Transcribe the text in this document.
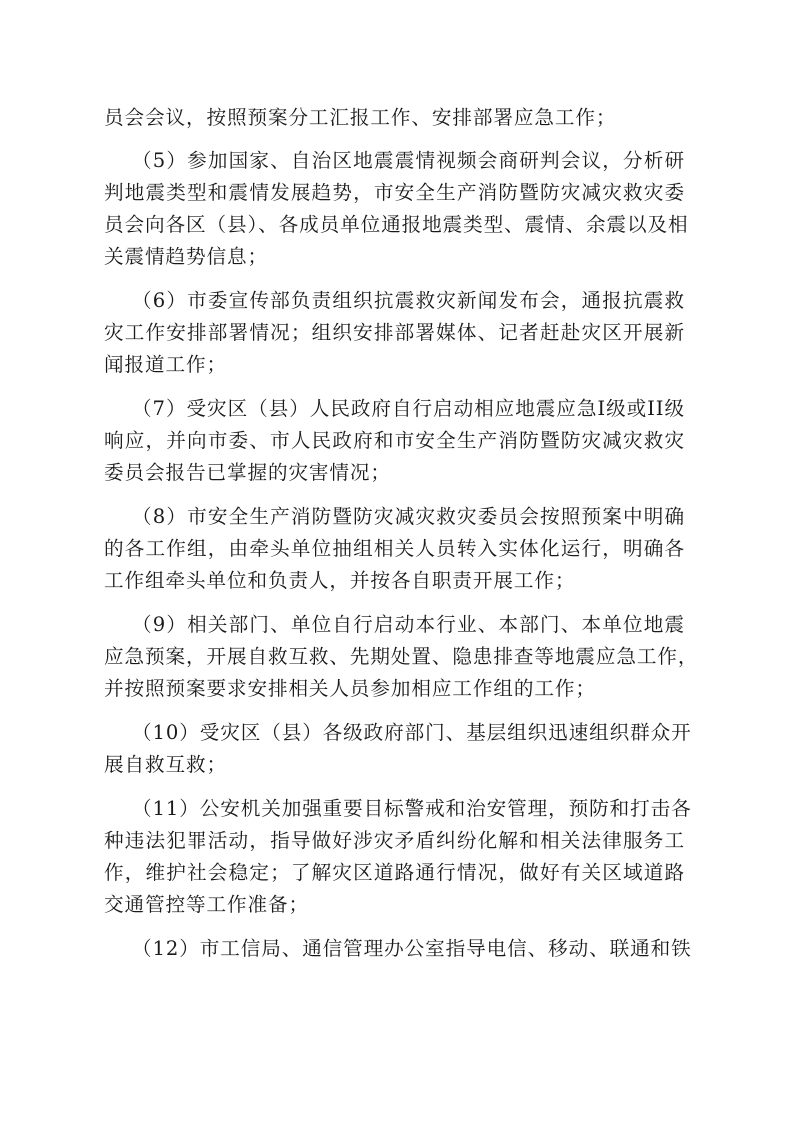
员会会议，按照预案分工汇报工作、安排部署应急工作；
（5）参加国家、自治区地震震情视频会商研判会议，分析研
判地震类型和震情发展趋势，市安全生产消防暨防灾减灾救灾委
员会向各区（县）、各成员单位通报地震类型、震情、余震以及相
关震情趋势信息；
（6）市委宣传部负责组织抗震救灾新闻发布会，通报抗震救
灾工作安排部署情况；组织安排部署媒体、记者赶赴灾区开展新
闻报道工作；
（7）受灾区（县）人民政府自行启动相应地震应急I级或II级
响应，并向市委、市人民政府和市安全生产消防暨防灾减灾救灾
委员会报告已掌握的灾害情况；
（8）市安全生产消防暨防灾减灾救灾委员会按照预案中明确
的各工作组，由牵头单位抽组相关人员转入实体化运行，明确各
工作组牵头单位和负责人，并按各自职责开展工作；
（9）相关部门、单位自行启动本行业、本部门、本单位地震
应急预案，开展自救互救、先期处置、隐患排查等地震应急工作，
并按照预案要求安排相关人员参加相应工作组的工作；
（10）受灾区（县）各级政府部门、基层组织迅速组织群众开
展自救互救；
（11）公安机关加强重要目标警戒和治安管理，预防和打击各
种违法犯罪活动，指导做好涉灾矛盾纠纷化解和相关法律服务工
作，维护社会稳定；了解灾区道路通行情况，做好有关区域道路
交通管控等工作准备；
（12）市工信局、通信管理办公室指导电信、移动、联通和铁
